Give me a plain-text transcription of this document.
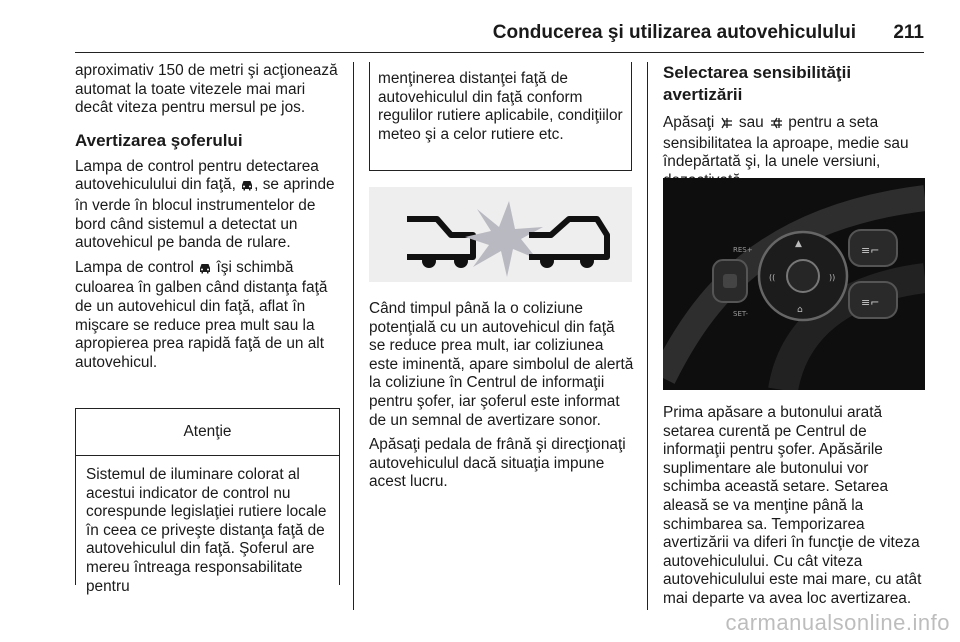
Conducerea şi utilizarea autovehiculului 211

aproximativ 150 de metri şi acţionează automat la toate vitezele mai mari decât viteza pentru mersul pe jos.

Avertizarea şoferului

Lampa de control pentru detectarea autovehiculului din faţă, , se aprinde în verde în blocul instrumentelor de bord când sistemul a detectat un autovehicul pe banda de rulare.

Lampa de control îşi schimbă culoarea în galben când distanţa faţă de un autovehicul din faţă, aflat în mişcare se reduce prea mult sau la apropierea prea rapidă faţă de un alt autovehicul.

Atenţie

Sistemul de iluminare colorat al acestui indicator de control nu corespunde legislaţiei rutiere locale în ceea ce priveşte distanţa faţă de autovehiculul din faţă. Şoferul are mereu întreaga responsabilitate pentru

menţinerea distanţei faţă de autovehiculul din faţă conform regulilor rutiere aplicabile, condiţiilor meteo şi a celor rutiere etc.

Când timpul până la o coliziune potenţială cu un autovehicul din faţă se reduce prea mult, iar coliziunea este iminentă, apare simbolul de alertă la coliziune în Centrul de informaţii pentru şofer, iar şoferul este informat de un semnal de avertizare sonor.

Apăsaţi pedala de frână şi direcţionaţi autovehiculul dacă situaţia impune acest lucru.

Selectarea sensibilităţii avertizării

Apăsaţi sau pentru a seta sensibilitatea la aproape, medie sau îndepărtată şi, la unele versiuni,

RES+
SET-
▲
((	))
⌂
≡⌐
≡⌐

Prima apăsare a butonului arată setarea curentă pe Centrul de informaţii pentru şofer. Apăsările suplimentare ale butonului vor schimba această setare. Setarea aleasă se va menţine până la schimbarea sa. Temporizarea avertizării va diferi în funcţie de viteza autovehiculului. Cu cât viteza autovehiculului este mai mare, cu atât mai departe va avea loc avertizarea.

carmanualsonline.info
